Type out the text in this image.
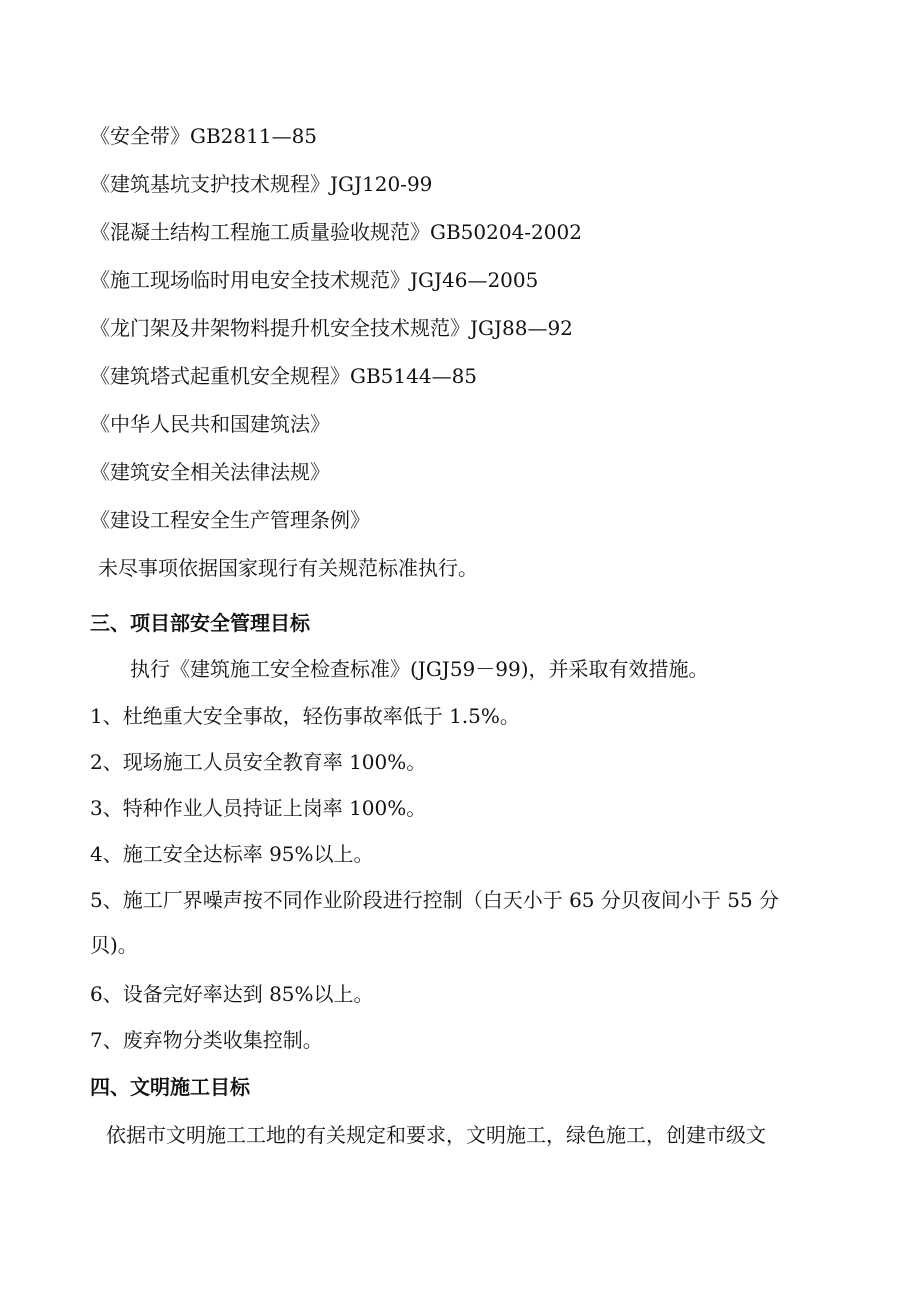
《安全带》GB2811—85
《建筑基坑支护技术规程》JGJ120-99
《混凝土结构工程施工质量验收规范》GB50204-2002
《施工现场临时用电安全技术规范》JGJ46—2005
《龙门架及井架物料提升机安全技术规范》JGJ88—92
《建筑塔式起重机安全规程》GB5144—85
《中华人民共和国建筑法》
《建筑安全相关法律法规》
《建设工程安全生产管理条例》
未尽事项依据国家现行有关规范标准执行。
三、项目部安全管理目标
执行《建筑施工安全检查标准》(JGJ59－99)，并采取有效措施。
1、杜绝重大安全事故，轻伤事故率低于 1.5%。
2、现场施工人员安全教育率 100%。
3、特种作业人员持证上岗率 100%。
4、施工安全达标率 95%以上。
5、施工厂界噪声按不同作业阶段进行控制（白天小于 65 分贝夜间小于 55 分
贝)。
6、设备完好率达到 85%以上。
7、废弃物分类收集控制。
四、文明施工目标
依据市文明施工工地的有关规定和要求，文明施工，绿色施工，创建市级文
